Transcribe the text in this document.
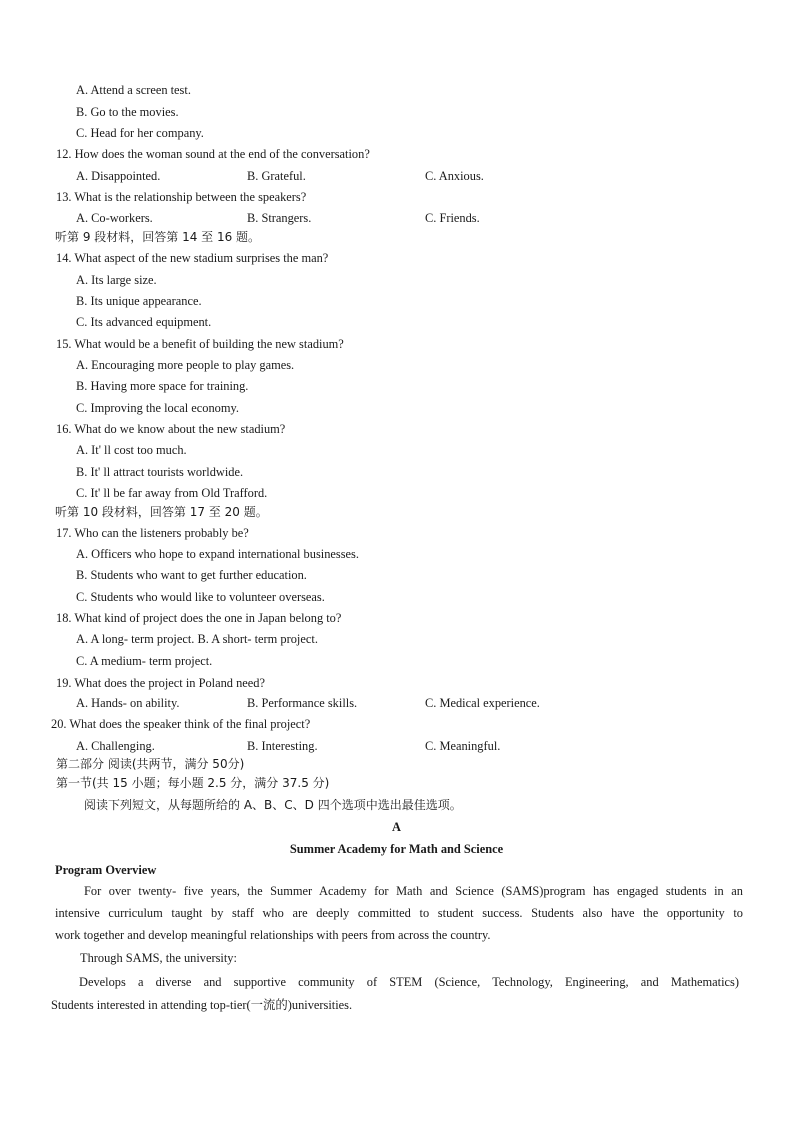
A. Attend a screen test.
B. Go to the movies.
C. Head for her company.
12. How does the woman sound at the end of the conversation?
A. Disappointed.	B. Grateful.	C. Anxious.
13. What is the relationship between the speakers?
A. Co-workers.	B. Strangers.	C. Friends.
听第 9 段材料，回答第 14 至 16 题。
14. What aspect of the new stadium surprises the man?
A. Its large size.
B. Its unique appearance.
C. Its advanced equipment.
15. What would be a benefit of building the new stadium?
A. Encouraging more people to play games.
B. Having more space for training.
C. Improving the local economy.
16. What do we know about the new stadium?
A. It' ll cost too much.
B. It' ll attract tourists worldwide.
C. It' ll be far away from Old Trafford.
听第 10 段材料，回答第 17 至 20 题。
17. Who can the listeners probably be?
A. Officers who hope to expand international businesses.
B. Students who want to get further education.
C. Students who would like to volunteer overseas.
18. What kind of project does the one in Japan belong to?
A. A long- term project. B. A short- term project.
C. A medium- term project.
19. What does the project in Poland need?
A. Hands- on ability.	B. Performance skills.	C. Medical experience.
20. What does the speaker think of the final project?
A. Challenging.	B. Interesting.	C. Meaningful.
第二部分 阅读(共两节，满分 50分)
第一节(共 15 小题；每小题 2.5 分，满分 37.5 分)
阅读下列短文，从每题所给的 A、B、C、D 四个选项中选出最佳选项。
A
Summer Academy for Math and Science
Program Overview
For over twenty- five years, the Summer Academy for Math and Science (SAMS)program has engaged students in an
intensive curriculum taught by staff who are deeply committed to student success. Students also have the opportunity to
work together and develop meaningful relationships with peers from across the country.
Through SAMS, the university:
Develops a diverse and supportive community of STEM (Science, Technology, Engineering, and Mathematics)
Students interested in attending top-tier(一流的)universities.
